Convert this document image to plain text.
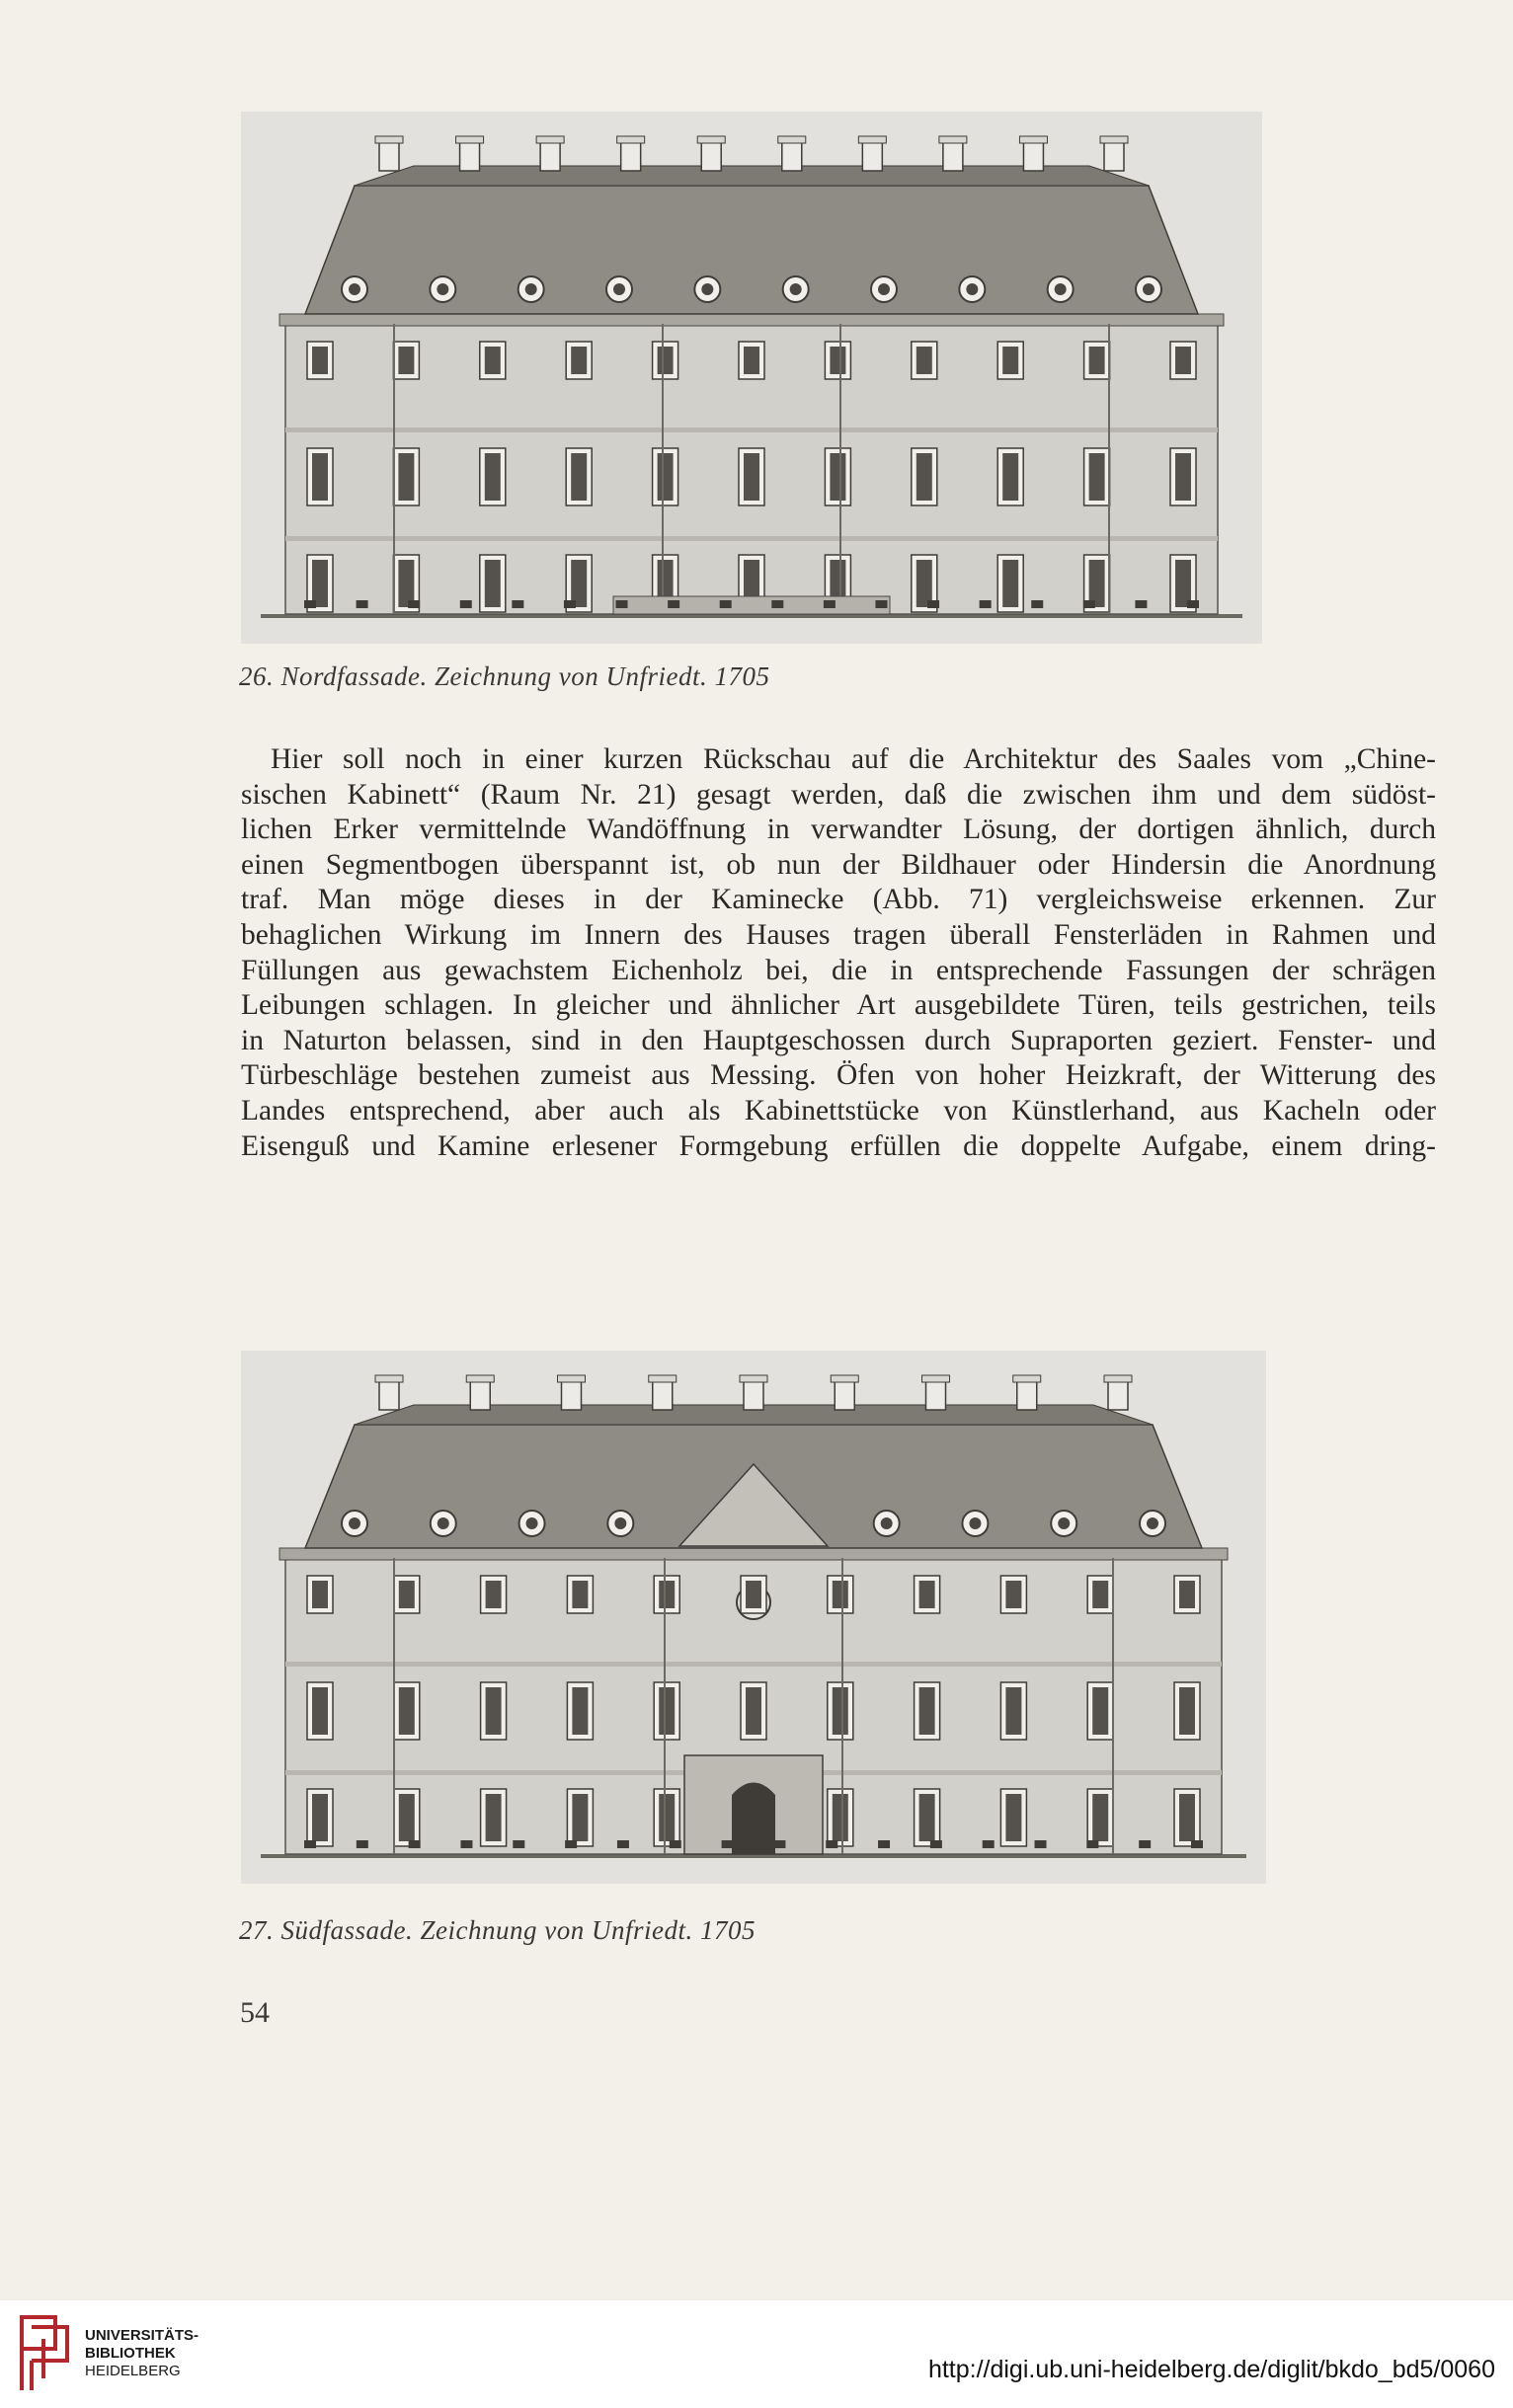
26. Nordfassade. Zeichnung von Unfriedt. 1705
Hier soll noch in einer kurzen Rückschau auf die Architektur des Saales vom „Chine-
sischen Kabinett“ (Raum Nr. 21) gesagt werden, daß die zwischen ihm und dem südöst-
lichen Erker vermittelnde Wandöffnung in verwandter Lösung, der dortigen ähnlich, durch
einen Segmentbogen überspannt ist, ob nun der Bildhauer oder Hindersin die Anordnung
traf. Man möge dieses in der Kaminecke (Abb. 71) vergleichsweise erkennen. Zur
behaglichen Wirkung im Innern des Hauses tragen überall Fensterläden in Rahmen und
Füllungen aus gewachstem Eichenholz bei, die in entsprechende Fassungen der schrägen
Leibungen schlagen. In gleicher und ähnlicher Art ausgebildete Türen, teils gestrichen, teils
in Naturton belassen, sind in den Hauptgeschossen durch Supraporten geziert. Fenster- und
Türbeschläge bestehen zumeist aus Messing. Öfen von hoher Heizkraft, der Witterung des
Landes entsprechend, aber auch als Kabinettstücke von Künstlerhand, aus Kacheln oder
Eisenguß und Kamine erlesener Formgebung erfüllen die doppelte Aufgabe, einem dring-
27. Südfassade. Zeichnung von Unfriedt. 1705
54
UNIVERSITÄTS-
BIBLIOTHEK
HEIDELBERG	http://digi.ub.uni-heidelberg.de/diglit/bkdo_bd5/0060
